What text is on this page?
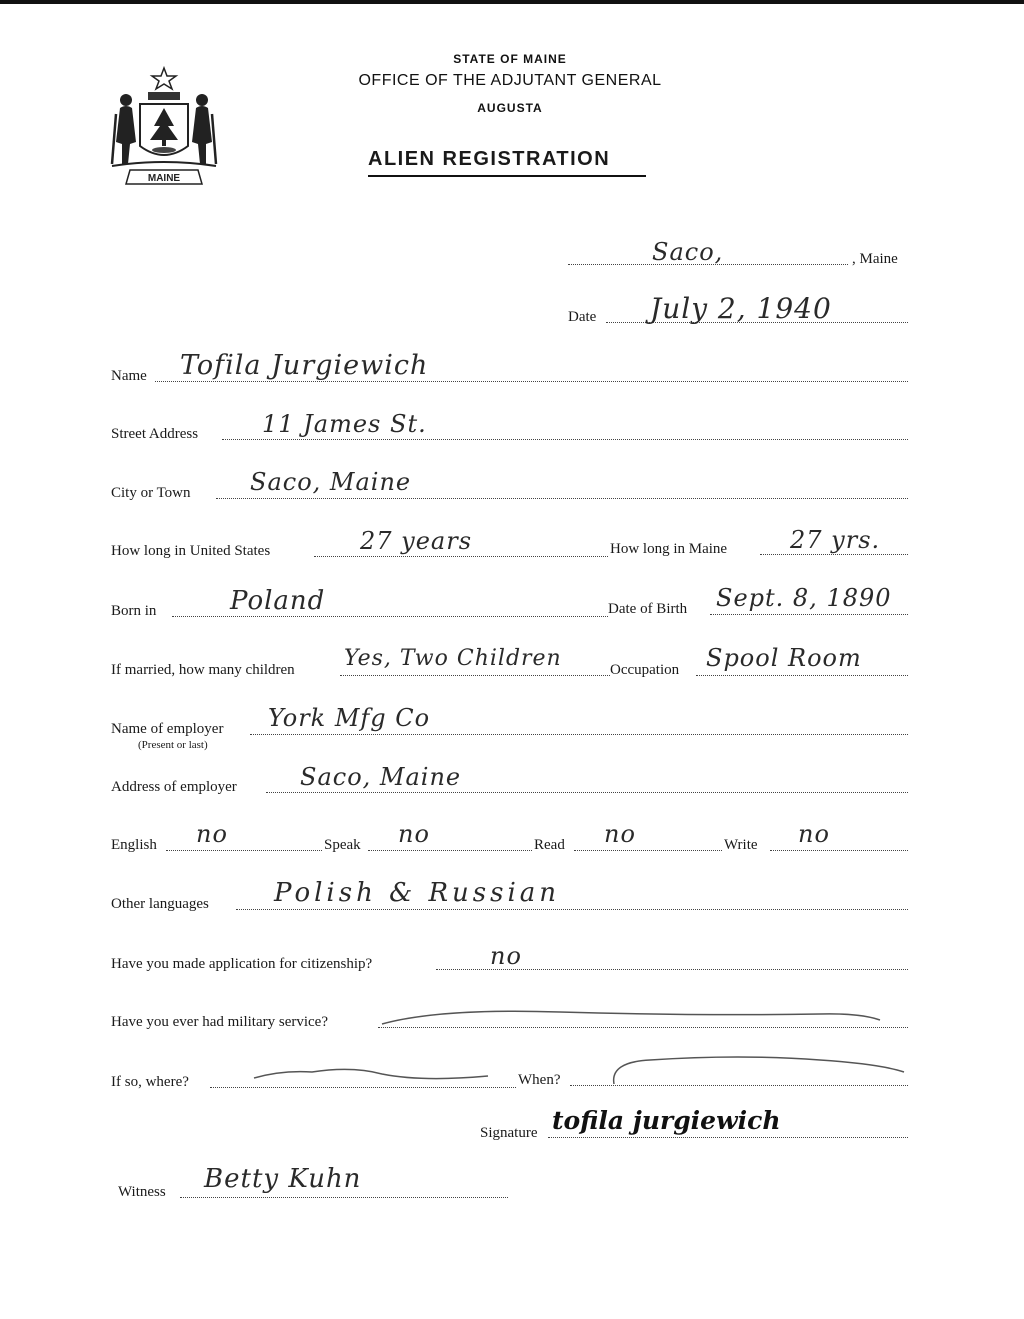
MAINE
STATE OF MAINE
OFFICE OF THE ADJUTANT GENERAL
AUGUSTA
ALIEN REGISTRATION
Saco,	, Maine
Date July 2, 1940
Name Tofila Jurgiewich
Street Address	11 James St.
City or Town Saco, Maine
How long in United States	27 years	How long in Maine	27 yrs.
Born in	Poland	Date of Birth Sept. 8, 1890
If married, how many children Yes, Two Children	Occupation Spool Room
Name of employer
(Present or last)
York Mfg Co
Address of employer	Saco, Maine
English no	Speak no	Read no	Write no
Other languages	Polish & Russian
Have you made application for citizenship?	no
Have you ever had military service?
If so, where?	When?
Signature tofila jurgiewich
Witness Betty Kuhn
